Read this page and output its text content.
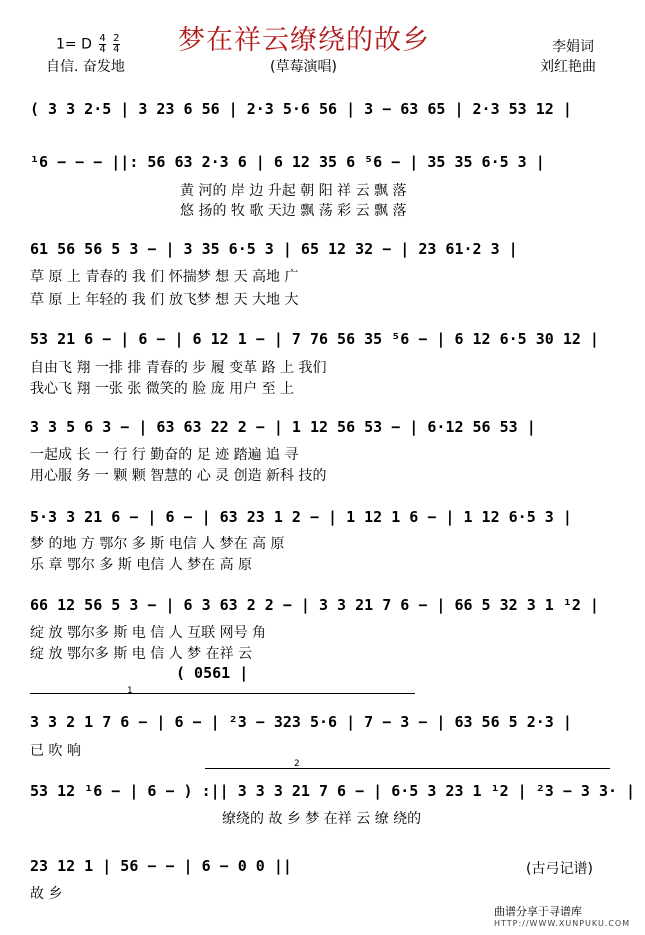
梦在祥云缭绕的故乡
1= D $\frac{4}{4}$
$\frac{2}{4}$
自信. 奋发地	(草莓演唱)
李娟词
刘红艳曲
( 3 3 2·5 | 3 23 6 56 | 2·3 5·6 56 | 3 − 63 65 | 2·3 53 12 |
¹6 − − − ||: 56 63 2·3 6 | 6 12 35 6 ⁵6 − | 35 35 6·5 3 |
黄 河的 岸 边 升起 朝 阳 祥 云 飘 落
悠 扬的 牧 歌 天边 飘 荡 彩 云 飘 落
61 56 56 5 3 − | 3 35 6·5 3 | 65 12 32 − | 23 61·2 3 |
草 原 上 青春的 我 们 怀揣梦 想 天 高地 广
草 原 上 年轻的 我 们 放飞梦 想 天 大地 大
53 21 6 − | 6 − | 6 12 1 − | 7 76 56 35 ⁵6 − | 6 12 6·5 30 12 |
自由飞 翔 一排 排 青春的 步 履 变革 路 上 我们
我心飞 翔 一张 张 微笑的 脸 庞 用户 至 上
3 3 5 6 3 − | 63 63 22 2 − | 1 12 56 53 − | 6·12 56 53 |
一起成 长 一 行 行 勤奋的 足 迹 踏遍 追 寻
用心服 务 一 颗 颗 智慧的 心 灵 创造 新科 技的
5·3 3 21 6 − | 6 − | 63 23 1 2 − | 1 12 1 6 − | 1 12 6·5 3 |
梦 的地 方 鄂尔 多 斯 电信 人 梦在 高 原
乐 章 鄂尔 多 斯 电信 人 梦在 高 原
66 12 56 5 3 − | 6 3 63 2 2 − | 3 3 21 7 6 − | 66 5 32 3 1 ¹2 |
绽 放 鄂尔多 斯 电 信 人 互联 网号 角
绽 放 鄂尔多 斯 电 信 人 梦 在祥 云
( 0561 |
1
3 3 2 1 7 6 − | 6 − | ²3 − 323 5·6 | 7 − 3 − | 63 56 5 2·3 |
已 吹 响
2
53 12 ¹6 − | 6 − ) :|| 3 3 3 21 7 6 − | 6·5 3 23 1 ¹2 | ²3 − 3 3· |
缭绕的 故 乡 梦 在祥 云 缭 绕的
23 12 1 | 56 − − | 6 − 0 0 ||
故 乡
(古弓记谱)
曲谱分享于寻谱库
HTTP://WWW.XUNPUKU.COM
